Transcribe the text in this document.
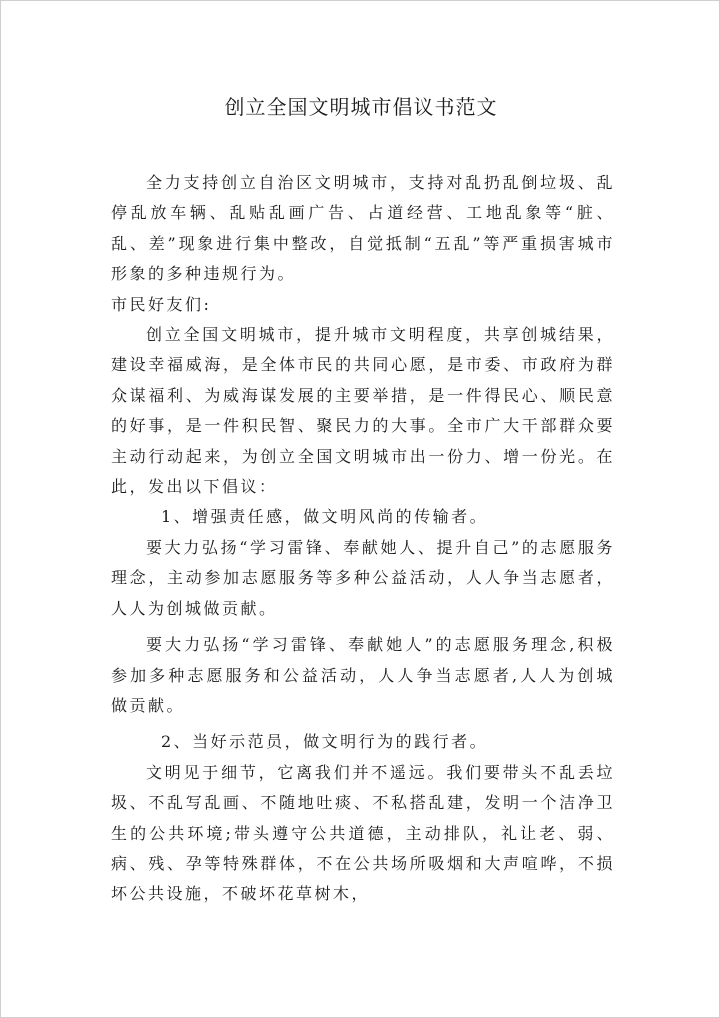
创立全国文明城市倡议书范文

全力支持创立自治区文明城市，支持对乱扔乱倒垃圾、乱停乱放车辆、乱贴乱画广告、占道经营、工地乱象等“脏、乱、差”现象进行集中整改，自觉抵制“五乱”等严重损害城市形象的多种违规行为。

市民好友们:

创立全国文明城市，提升城市文明程度，共享创城结果，建设幸福威海，是全体市民的共同心愿，是市委、市政府为群众谋福利、为威海谋发展的主要举措，是一件得民心、顺民意的好事，是一件积民智、聚民力的大事。全市广大干部群众要主动行动起来，为创立全国文明城市出一份力、增一份光。在此，发出以下倡议：

1、增强责任感，做文明风尚的传输者。

要大力弘扬“学习雷锋、奉献她人、提升自己”的志愿服务理念，主动参加志愿服务等多种公益活动，人人争当志愿者，人人为创城做贡献。

要大力弘扬“学习雷锋、奉献她人”的志愿服务理念,积极参加多种志愿服务和公益活动，人人争当志愿者,人人为创城做贡献。

2、当好示范员，做文明行为的践行者。

文明见于细节，它离我们并不遥远。我们要带头不乱丢垃圾、不乱写乱画、不随地吐痰、不私搭乱建，发明一个洁净卫生的公共环境;带头遵守公共道德，主动排队，礼让老、弱、病、残、孕等特殊群体，不在公共场所吸烟和大声喧哗，不损坏公共设施，不破坏花草树木，
